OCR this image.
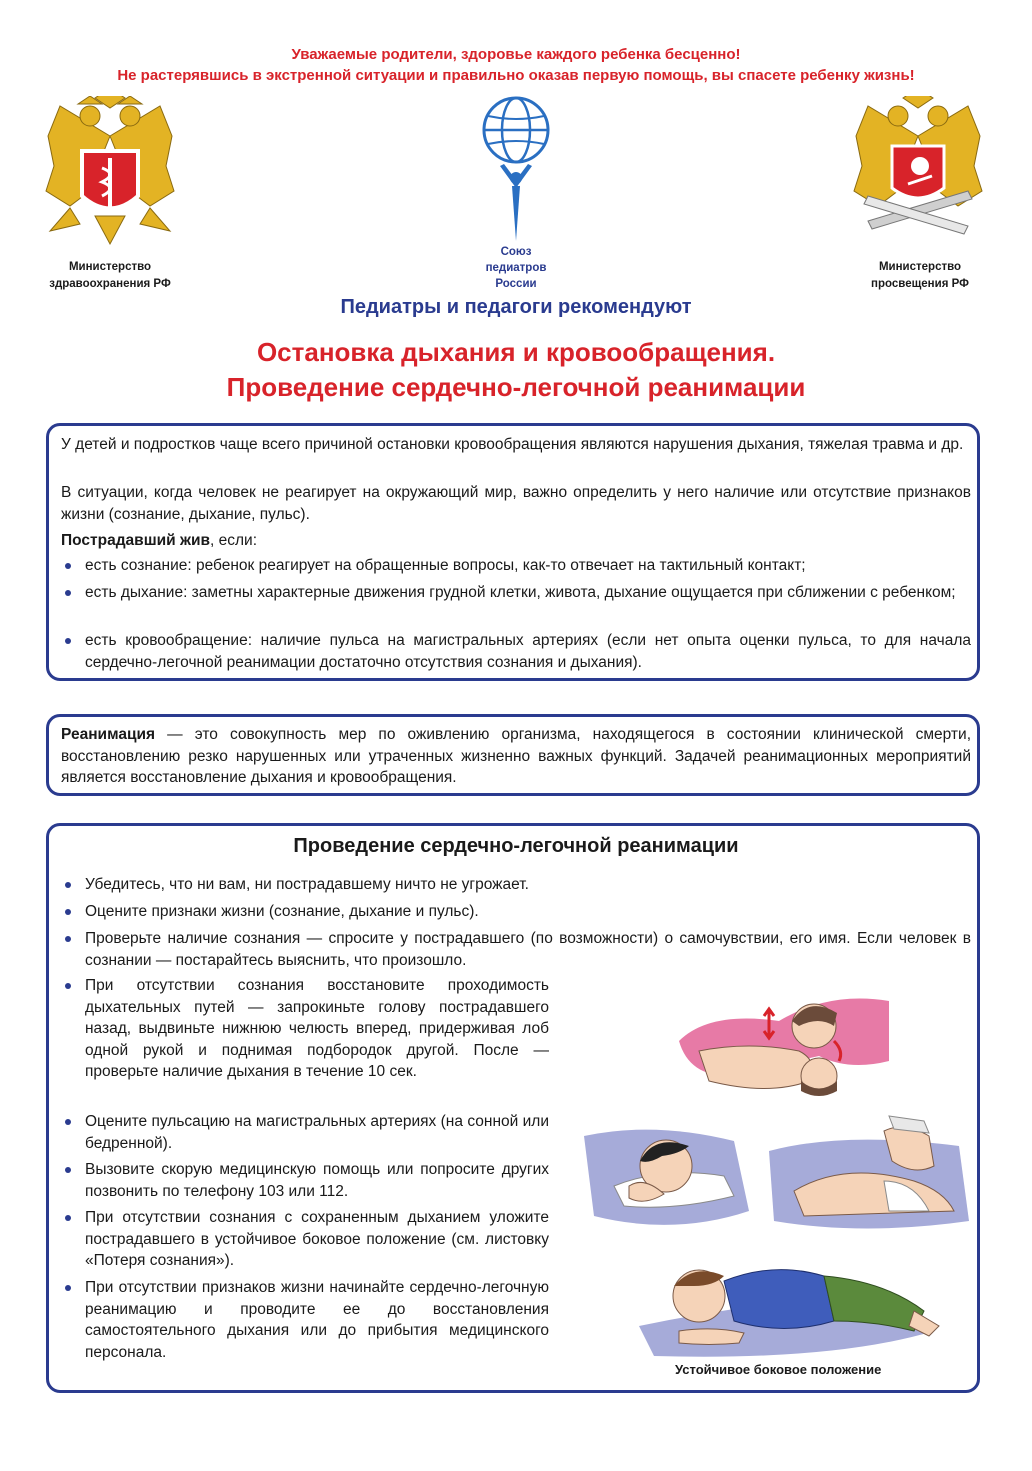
Уважаемые родители, здоровье каждого ребенка бесценно!
Не растерявшись в экстренной ситуации и правильно оказав первую помощь, вы спасете ребенку жизнь!
Министерство
здравоохранения РФ
Союз
педиатров
России
Министерство
просвещения РФ
Педиатры и педагоги рекомендуют
Остановка дыхания и кровообращения.
Проведение сердечно-легочной реанимации
У детей и подростков чаще всего причиной остановки кровообращения являются нарушения дыхания, тяжелая травма и др.
В ситуации, когда человек не реагирует на окружающий мир, важно определить у него наличие или отсутствие признаков жизни (сознание, дыхание, пульс).
Пострадавший жив, если:
есть сознание: ребенок реагирует на обращенные вопросы, как-то отвечает на тактильный контакт;
есть дыхание: заметны характерные движения грудной клетки, живота, дыхание ощущается при сближении с ребенком;
есть кровообращение: наличие пульса на магистральных артериях (если нет опыта оценки пульса, то для начала сердечно-легочной реанимации достаточно отсутствия сознания и дыхания).
Реанимация — это совокупность мер по оживлению организма, находящегося в состоянии клинической смерти, восстановлению резко нарушенных или утраченных жизненно важных функций. Задачей реанимационных мероприятий является восстановление дыхания и кровообращения.
Проведение сердечно-легочной реанимации
Убедитесь, что ни вам, ни пострадавшему ничто не угрожает.
Оцените признаки жизни (сознание, дыхание и пульс).
Проверьте наличие сознания — спросите у пострадавшего (по возможности) о самочувствии, его имя. Если человек в сознании — постарайтесь выяснить, что произошло.
При отсутствии сознания восстановите проходимость дыхательных путей — запрокиньте голову пострадавшего назад, выдвиньте нижнюю челюсть вперед, придерживая лоб одной рукой и поднимая подбородок другой. После — проверьте наличие дыхания в течение 10 сек.
Оцените пульсацию на магистральных артериях (на сонной или бедренной).
Вызовите скорую медицинскую помощь или попросите других позвонить по телефону 103 или 112.
При отсутствии сознания с сохраненным дыханием уложите пострадавшего в устойчивое боковое положение (см. листовку «Потеря сознания»).
При отсутствии признаков жизни начинайте сердечно-легочную реанимацию и проводите ее до восстановления самостоятельного дыхания или до прибытия медицинского персонала.
Устойчивое боковое положение
